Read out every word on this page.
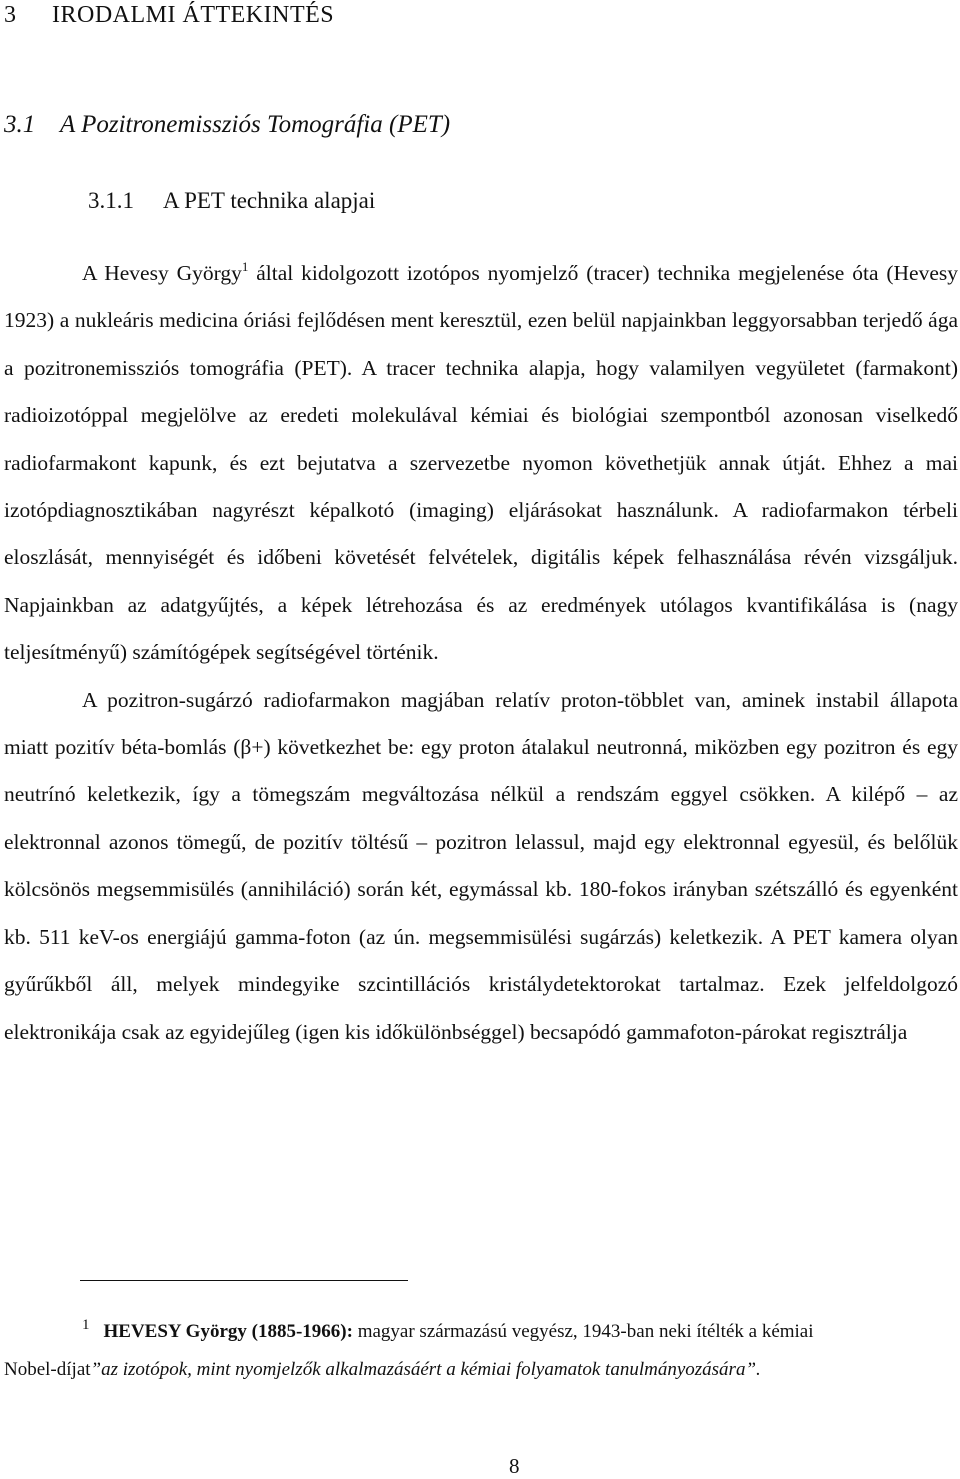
3 IRODALMI ÁTTEKINTÉS
3.1 A Pozitronemissziós Tomográfia (PET)
3.1.1 A PET technika alapjai

A Hevesy György$^1$ által kidolgozott izotópos nyomjelző (tracer) technika megjelenése óta (Hevesy 1923) a nukleáris medicina óriási fejlődésen ment keresztül, ezen belül napjainkban leggyorsabban terjedő ága a pozitronemissziós tomográfia (PET). A tracer technika alapja, hogy valamilyen vegyületet (farmakont) radioizotóppal megjelölve az eredeti molekulával kémiai és biológiai szempontból azonosan viselkedő radiofarmakont kapunk, és ezt bejutatva a szervezetbe nyomon követhetjük annak útját. Ehhez a mai izotópdiagnosztikában nagyrészt képalkotó (imaging) eljárásokat használunk. A radiofarmakon térbeli eloszlását, mennyiségét és időbeni követését felvételek, digitális képek felhasználása révén vizsgáljuk. Napjainkban az adatgyűjtés, a képek létrehozása és az eredmények utólagos kvantifikálása is (nagy teljesítményű) számítógépek segítségével történik.

A pozitron-sugárzó radiofarmakon magjában relatív proton-többlet van, aminek instabil állapota miatt pozitív béta-bomlás (β+) következhet be: egy proton átalakul neutronná, miközben egy pozitron és egy neutrínó keletkezik, így a tömegszám megváltozása nélkül a rendszám eggyel csökken. A kilépő – az elektronnal azonos tömegű, de pozitív töltésű – pozitron lelassul, majd egy elektronnal egyesül, és belőlük kölcsönös megsemmisülés (annihiláció) során két, egymással kb. 180-fokos irányban szétszálló és egyenként kb. 511 keV-os energiájú gamma-foton (az ún. megsemmisülési sugárzás) keletkezik. A PET kamera olyan gyűrűkből áll, melyek mindegyike szcintillációs kristálydetektorokat tartalmaz. Ezek jelfeldolgozó elektronikája csak az egyidejűleg (igen kis időkülönbséggel) becsapódó gammafoton-párokat regisztrálja

$^1$ HEVESY György (1885-1966): magyar származású vegyész, 1943-ban neki ítélték a kémiai
Nobel-díjat”az izotópok, mint nyomjelzők alkalmazásáért a kémiai folyamatok tanulmányozására”.
8
